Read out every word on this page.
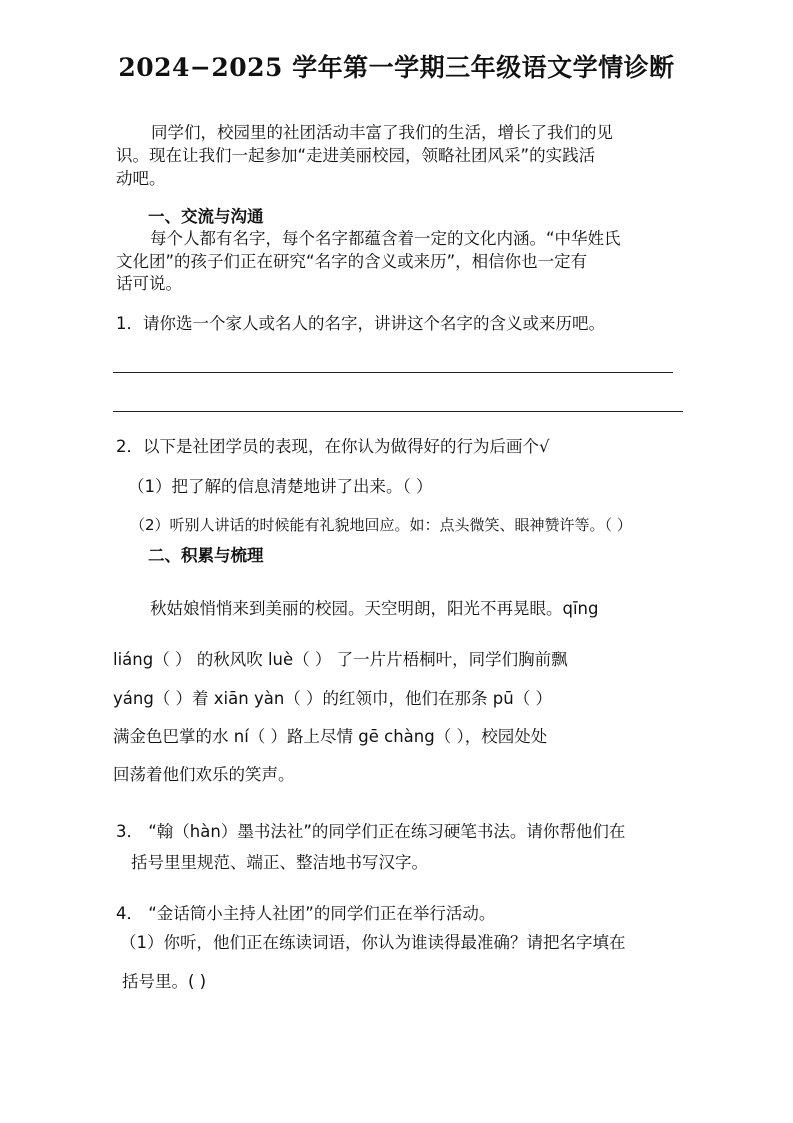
2024−2025 学年第一学期三年级语文学情诊断
同学们，校园里的社团活动丰富了我们的生活，增长了我们的见
识。现在让我们一起参加“走进美丽校园，领略社团风采”的实践活
动吧。
一、交流与沟通
每个人都有名字，每个名字都蕴含着一定的文化内涵。“中华姓氏
文化团”的孩子们正在研究“名字的含义或来历”，相信你也一定有
话可说。
1．请你选一个家人或名人的名字，讲讲这个名字的含义或来历吧。
2．以下是社团学员的表现，在你认为做得好的行为后画个√
（1）把了解的信息清楚地讲了出来。（ ）
（2）听别人讲话的时候能有礼貌地回应。如：点头微笑、眼神赞许等。（ ）
二、积累与梳理
秋姑娘悄悄来到美丽的校园。天空明朗，阳光不再晃眼。qīng
liáng（ ） 的秋风吹 luè（ ） 了一片片梧桐叶，同学们胸前飘
yáng（ ）着 xiān yàn（ ）的红领巾，他们在那条 pū（ ）
满金色巴掌的水 ní（ ）路上尽情 gē chàng（ ），校园处处
回荡着他们欢乐的笑声。
3． “翰（hàn）墨书法社”的同学们正在练习硬笔书法。请你帮他们在
括号里里规范、端正、整洁地书写汉字。
4． “金话筒小主持人社团”的同学们正在举行活动。
（1）你听，他们正在练读词语，你认为谁读得最准确？请把名字填在
括号里。( )
